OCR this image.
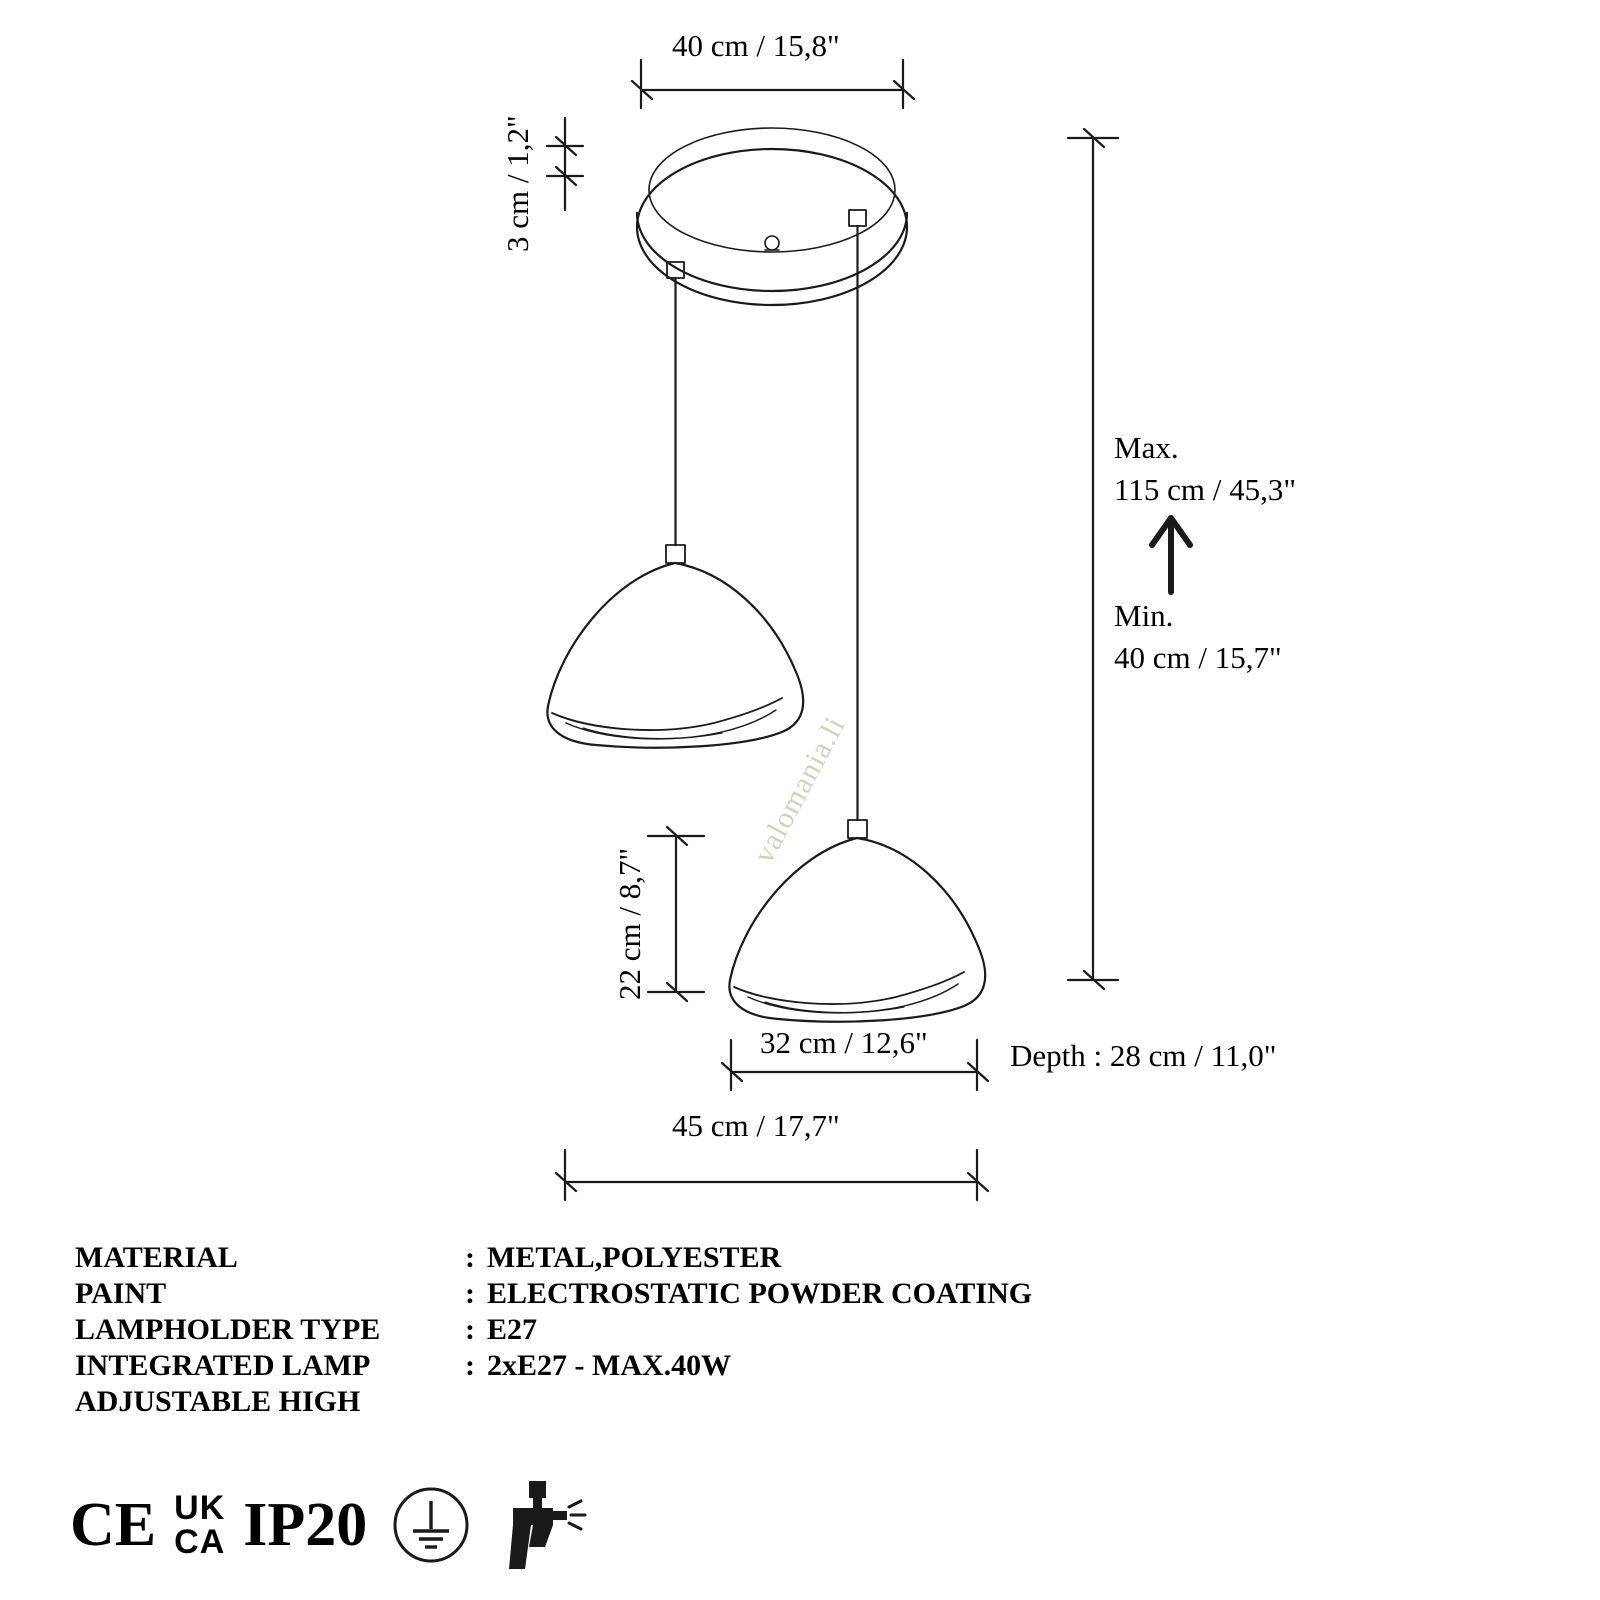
40 cm / 15,8"
3 cm / 1,2"
Max.
115 cm / 45,3"
Min.
40 cm / 15,7"
22 cm / 8,7"
32 cm / 12,6"	Depth : 28 cm / 11,0"
45 cm / 17,7"
valomania.li
MATERIAL	: METAL,POLYESTER
PAINT	: ELECTROSTATIC POWDER COATING
LAMPHOLDER TYPE	: E27
INTEGRATED LAMP	: 2xE27 - MAX.40W
ADJUSTABLE HIGH
CE UK
CA IP20
